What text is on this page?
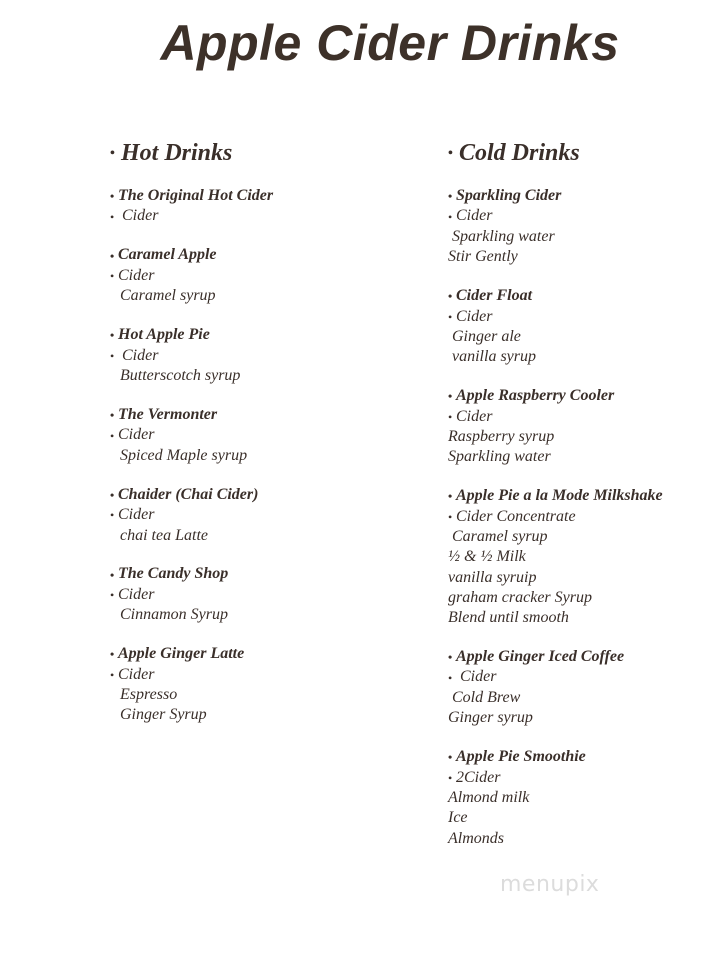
Apple Cider Drinks
• Hot Drinks
• The Original Hot Cider
• Cider
• Caramel Apple
• Cider
Caramel syrup
• Hot Apple Pie
• Cider
Butterscotch syrup
• The Vermonter
• Cider
Spiced Maple syrup
• Chaider (Chai Cider)
• Cider
chai tea Latte
• The Candy Shop
• Cider
Cinnamon Syrup
• Apple Ginger Latte
• Cider
Espresso
Ginger Syrup
• Cold Drinks
• Sparkling Cider
• Cider
Sparkling water
Stir Gently
• Cider Float
• Cider
Ginger ale
vanilla syrup
• Apple Raspberry Cooler
• Cider
Raspberry syrup
Sparkling water
• Apple Pie a la Mode Milkshake
• Cider Concentrate
Caramel syrup
½ & ½ Milk
vanilla syruip
graham cracker Syrup
Blend until smooth
• Apple Ginger Iced Coffee
• Cider
Cold Brew
Ginger syrup
• Apple Pie Smoothie
• 2Cider
Almond milk
Ice
Almonds
menupix
